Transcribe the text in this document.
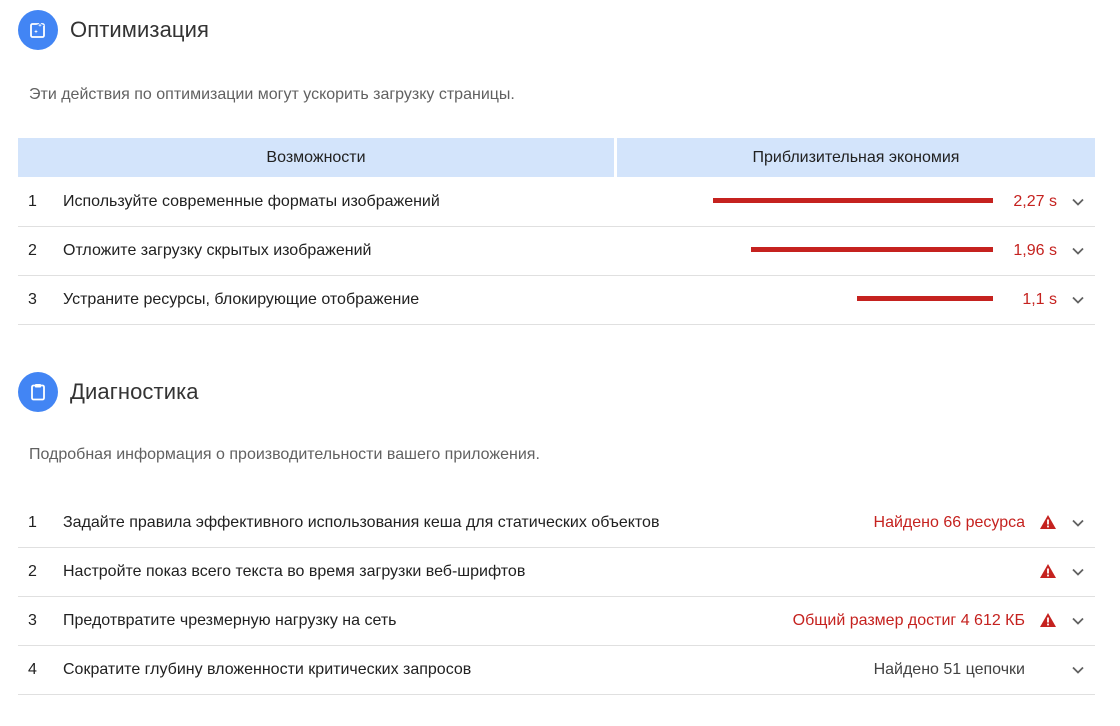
Оптимизация
Эти действия по оптимизации могут ускорить загрузку страницы.
Возможности	Приблизительная экономия
1 Используйте современные форматы изображений	2,27 s
2 Отложите загрузку скрытых изображений	1,96 s
3 Устраните ресурсы, блокирующие отображение	1,1 s
Диагностика
Подробная информация о производительности вашего приложения.
1 Задайте правила эффективного использования кеша для статических объектов	Найдено 66 ресурса
2 Настройте показ всего текста во время загрузки веб-шрифтов
3 Предотвратите чрезмерную нагрузку на сеть	Общий размер достиг 4 612 КБ
4 Сократите глубину вложенности критических запросов	Найдено 51 цепочки
